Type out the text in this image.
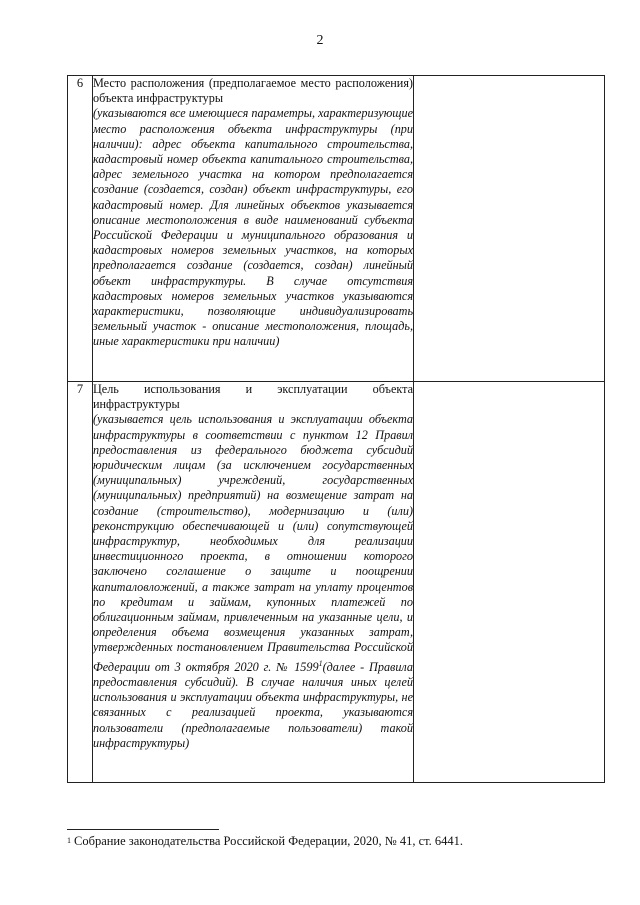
2
6	Место расположения (предполагаемое место расположения) объекта инфраструктуры
(указываются все имеющиеся параметры, характеризующие место расположения объекта инфраструктуры (при наличии): адрес объекта капитального строительства, кадастровый номер объекта капитального строительства, адрес земельного участка на котором предполагается создание (создается, создан) объект инфраструктуры, его кадастровый номер. Для линейных объектов указывается описание местоположения в виде наименований субъекта Российской Федерации и муниципального образования и кадастровых номеров земельных участков, на которых предполагается создание (создается, создан) линейный объект инфраструктуры. В случае отсутствия кадастровых номеров земельных участков указываются характеристики, позволяющие индивидуализировать земельный участок - описание местоположения, площадь, иные характеристики при наличии)	

7	Цель использования и эксплуатации объекта инфраструктуры
(указывается цель использования и эксплуатации объекта инфраструктуры в соответствии с пунктом 12 Правил предоставления из федерального бюджета субсидий юридическим лицам (за исключением государственных (муниципальных) учреждений, государственных (муниципальных) предприятий) на возмещение затрат на создание (строительство), модернизацию и (или) реконструкцию обеспечивающей и (или) сопутствующей инфраструктур, необходимых для реализации инвестиционного проекта, в отношении которого заключено соглашение о защите и поощрении капиталовложений, а также затрат на уплату процентов по кредитам и займам, купонных платежей по облигационным займам, привлеченным на указанные цели, и определения объема возмещения указанных затрат, утвержденных постановлением Правительства Российской Федерации от 3 октября 2020 г. № 1599$^1$(далее - Правила предоставления субсидий). В случае наличия иных целей использования и эксплуатации объекта инфраструктуры, не связанных с реализацией проекта, указываются пользователи (предполагаемые пользователи) такой инфраструктуры)	

$^1$ Собрание законодательства Российской Федерации, 2020, № 41, ст. 6441.
